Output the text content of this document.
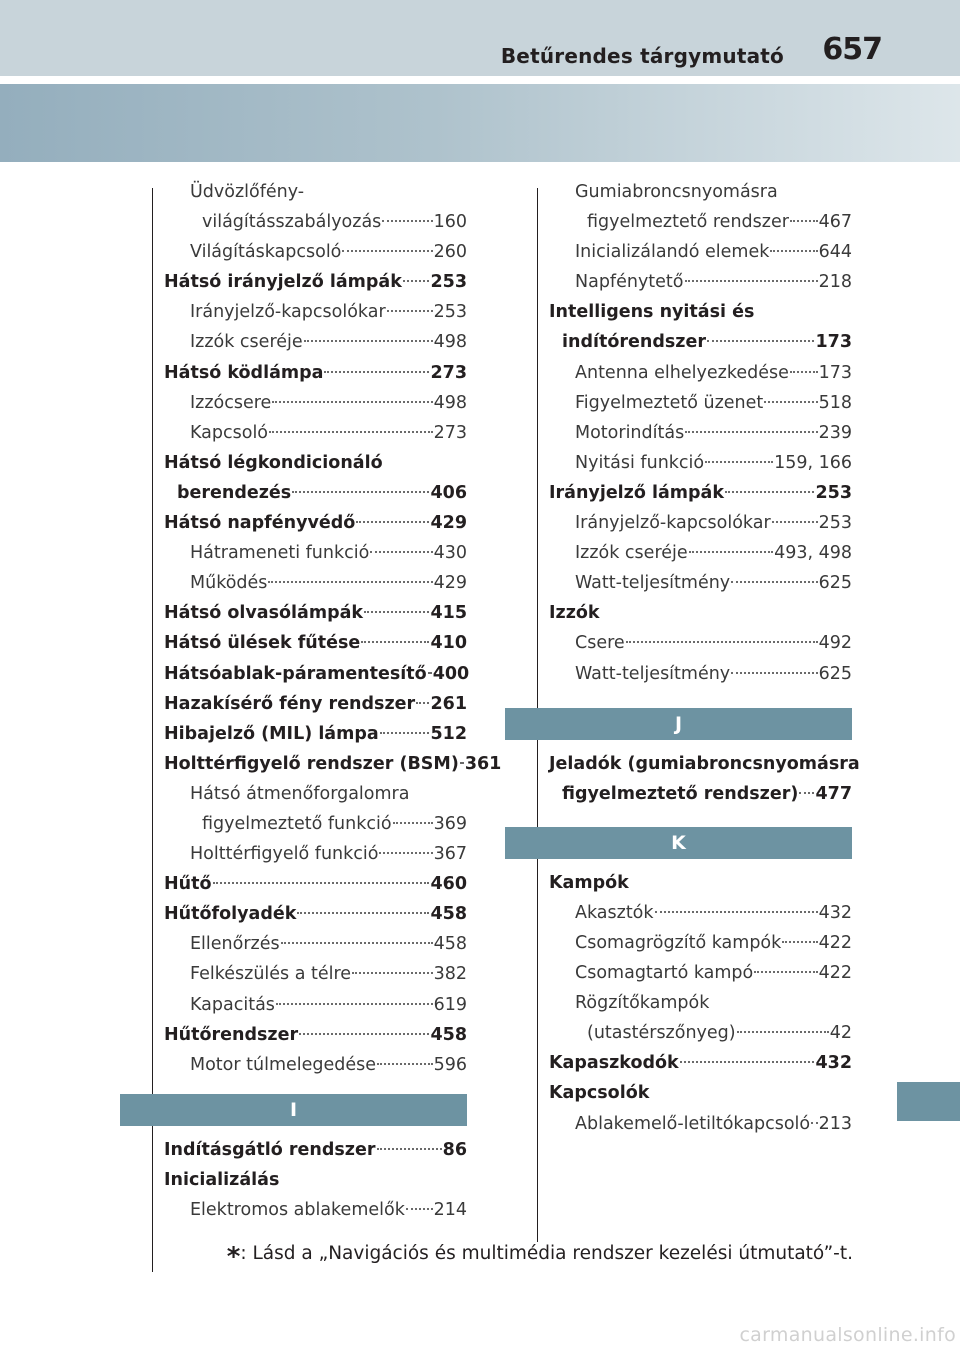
Betűrendes tárgymutató 657
Üdvözlőfény-
világításszabályozás	160
Világításkapcsoló	260
Hátsó irányjelző lámpák 253
Irányjelző-kapcsolókar	253
Izzók cseréje	498
Hátsó ködlámpa	273
Izzócsere	498
Kapcsoló	273
Hátsó légkondicionáló
berendezés	406
Hátsó napfényvédő	429
Hátrameneti funkció	430
Működés	429
Hátsó olvasólámpák	415
Hátsó ülések fűtése	410
Hátsóablak-páramentesítő 400
Hazakísérő fény rendszer 261
Hibajelző (MIL) lámpa	512
Holttérfigyelő rendszer (BSM) 361
Hátsó átmenőforgalomra
figyelmeztető funkció 369
Holttérfigyelő funkció	367
Hűtő	460
Hűtőfolyadék	458
Ellenőrzés	458
Felkészülés a télre	382
Kapacitás	619
Hűtőrendszer	458
Motor túlmelegedése	596
I
Indításgátló rendszer	86
Inicializálás
Elektromos ablakemelők 214
Gumiabroncsnyomásra
figyelmeztető rendszer 467
Inicializálandó elemek	644
Napfénytető	218
Intelligens nyitási és
indítórendszer	173
Antenna elhelyezkedése 173
Figyelmeztető üzenet	518
Motorindítás	239
Nyitási funkció	159, 166
Irányjelző lámpák	253
Irányjelző-kapcsolókar	253
Izzók cseréje	493, 498
Watt-teljesítmény	625
Izzók
Csere	492
Watt-teljesítmény	625
J
Jeladók (gumiabroncsnyomásra
figyelmeztető rendszer) 477
K
Kampók
Akasztók	432
Csomagrögzítő kampók 422
Csomagtartó kampó	422
Rögzítőkampók
(utastérszőnyeg)	42
Kapaszkodók	432
Kapcsolók
Ablakemelő-letiltókapcsoló 213
*: Lásd a „Navigációs és multimédia rendszer kezelési útmutató”-t.
carmanualsonline.info
